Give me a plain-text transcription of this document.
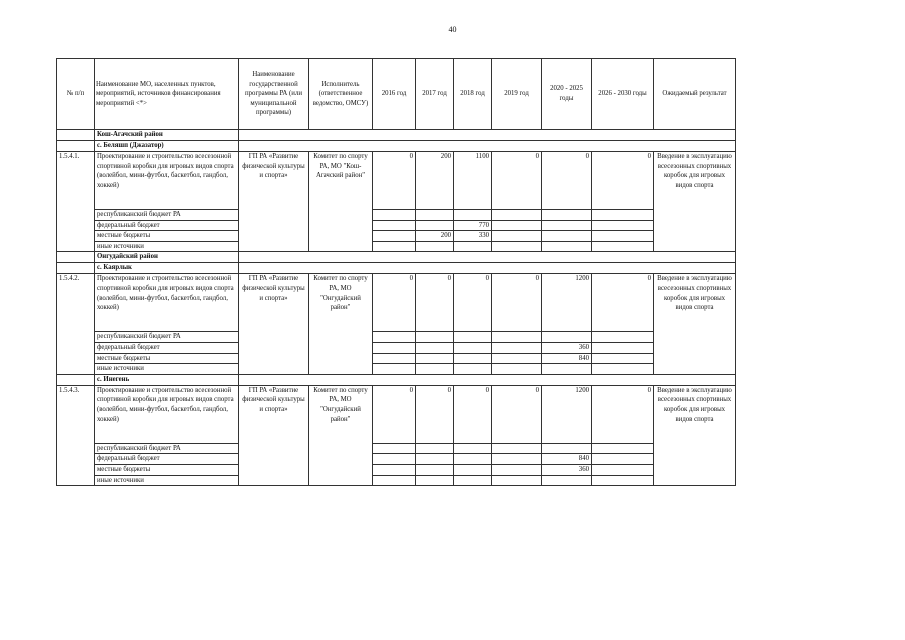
40
№ п/п	Наименование МО, населенных пунктов, мероприятий, источников финансирования мероприятий <*>	Наименование государственной программы РА (или муниципальной программы)	Исполнитель (ответственное ведомство, ОМСУ)	2016 год	2017 год	2018 год	2019 год	2020 - 2025 годы	2026 - 2030 годы	Ожидаемый результат
	Кош-Агачский район									
	с. Беляшп (Джазатор)									
1.5.4.1.	Проектирование и строительство всесезонной спортивной коробки для игровых видов спорта (волейбол, мини-футбол, баскетбол, гандбол, хоккей)	ГП РА «Развитие физической культуры и спорта»	Комитет по спорту РА, МО "Кош-Агачский район"	0	200	1100	0	0	0	Введение в эксплуатацию всесезонных спортивных коробок для игровых видов спорта
	республиканский бюджет РА									
	федеральный бюджет					770				
	местные бюджеты				200	330				
	иные источники									
	Онгудайский район									
	с. Каярлык									
1.5.4.2.	Проектирование и строительство всесезонной спортивной коробки для игровых видов спорта (волейбол, мини-футбол, баскетбол, гандбол, хоккей)	ГП РА «Развитие физической культуры и спорта»	Комитет по спорту РА, МО "Онгудайский район"	0	0	0	0	1200	0	Введение в эксплуатацию всесезонных спортивных коробок для игровых видов спорта
	республиканский бюджет РА									
	федеральный бюджет							360		
	местные бюджеты							840		
	иные источники									
	с. Инегень									
1.5.4.3.	Проектирование и строительство всесезонной спортивной коробки для игровых видов спорта (волейбол, мини-футбол, баскетбол, гандбол, хоккей)	ГП РА «Развитие физической культуры и спорта»	Комитет по спорту РА, МО "Онгудайский район"	0	0	0	0	1200	0	Введение в эксплуатацию всесезонных спортивных коробок для игровых видов спорта
	республиканский бюджет РА									
	федеральный бюджет							840		
	местные бюджеты							360		
	иные источники									
